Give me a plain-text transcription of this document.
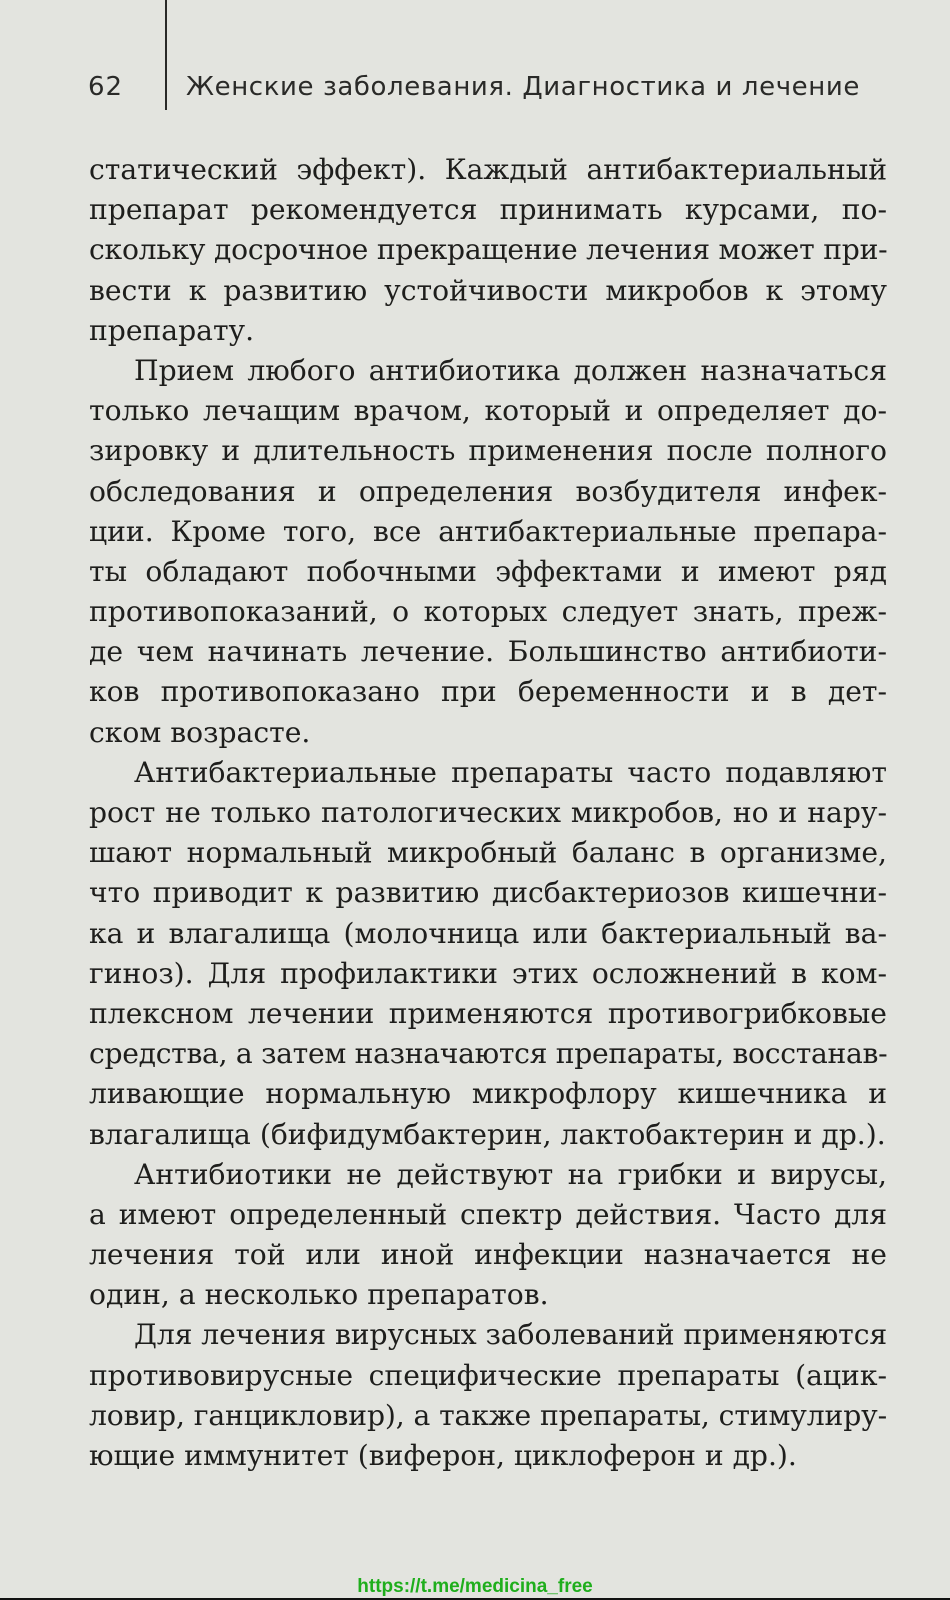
62 Женские заболевания. Диагностика и лечение
статический эффект). Каждый антибактериальный
препарат рекомендуется принимать курсами, по-
скольку досрочное прекращение лечения может при-
вести к развитию устойчивости микробов к этому
препарату.
Прием любого антибиотика должен назначаться
только лечащим врачом, который и определяет до-
зировку и длительность применения после полного
обследования и определения возбудителя инфек-
ции. Кроме того, все антибактериальные препара-
ты обладают побочными эффектами и имеют ряд
противопоказаний, о которых следует знать, преж-
де чем начинать лечение. Большинство антибиоти-
ков противопоказано при беременности и в дет-
ском возрасте.
Антибактериальные препараты часто подавляют
рост не только патологических микробов, но и нару-
шают нормальный микробный баланс в организме,
что приводит к развитию дисбактериозов кишечни-
ка и влагалища (молочница или бактериальный ва-
гиноз). Для профилактики этих осложнений в ком-
плексном лечении применяются противогрибковые
средства, а затем назначаются препараты, восстанав-
ливающие нормальную микрофлору кишечника и
влагалища (бифидумбактерин, лактобактерин и др.).
Антибиотики не действуют на грибки и вирусы,
а имеют определенный спектр действия. Часто для
лечения той или иной инфекции назначается не
один, а несколько препаратов.
Для лечения вирусных заболеваний применяются
противовирусные специфические препараты (ацик-
ловир, ганцикловир), а также препараты, стимулиру-
ющие иммунитет (виферон, циклоферон и др.).
https://t.me/medicina_free
